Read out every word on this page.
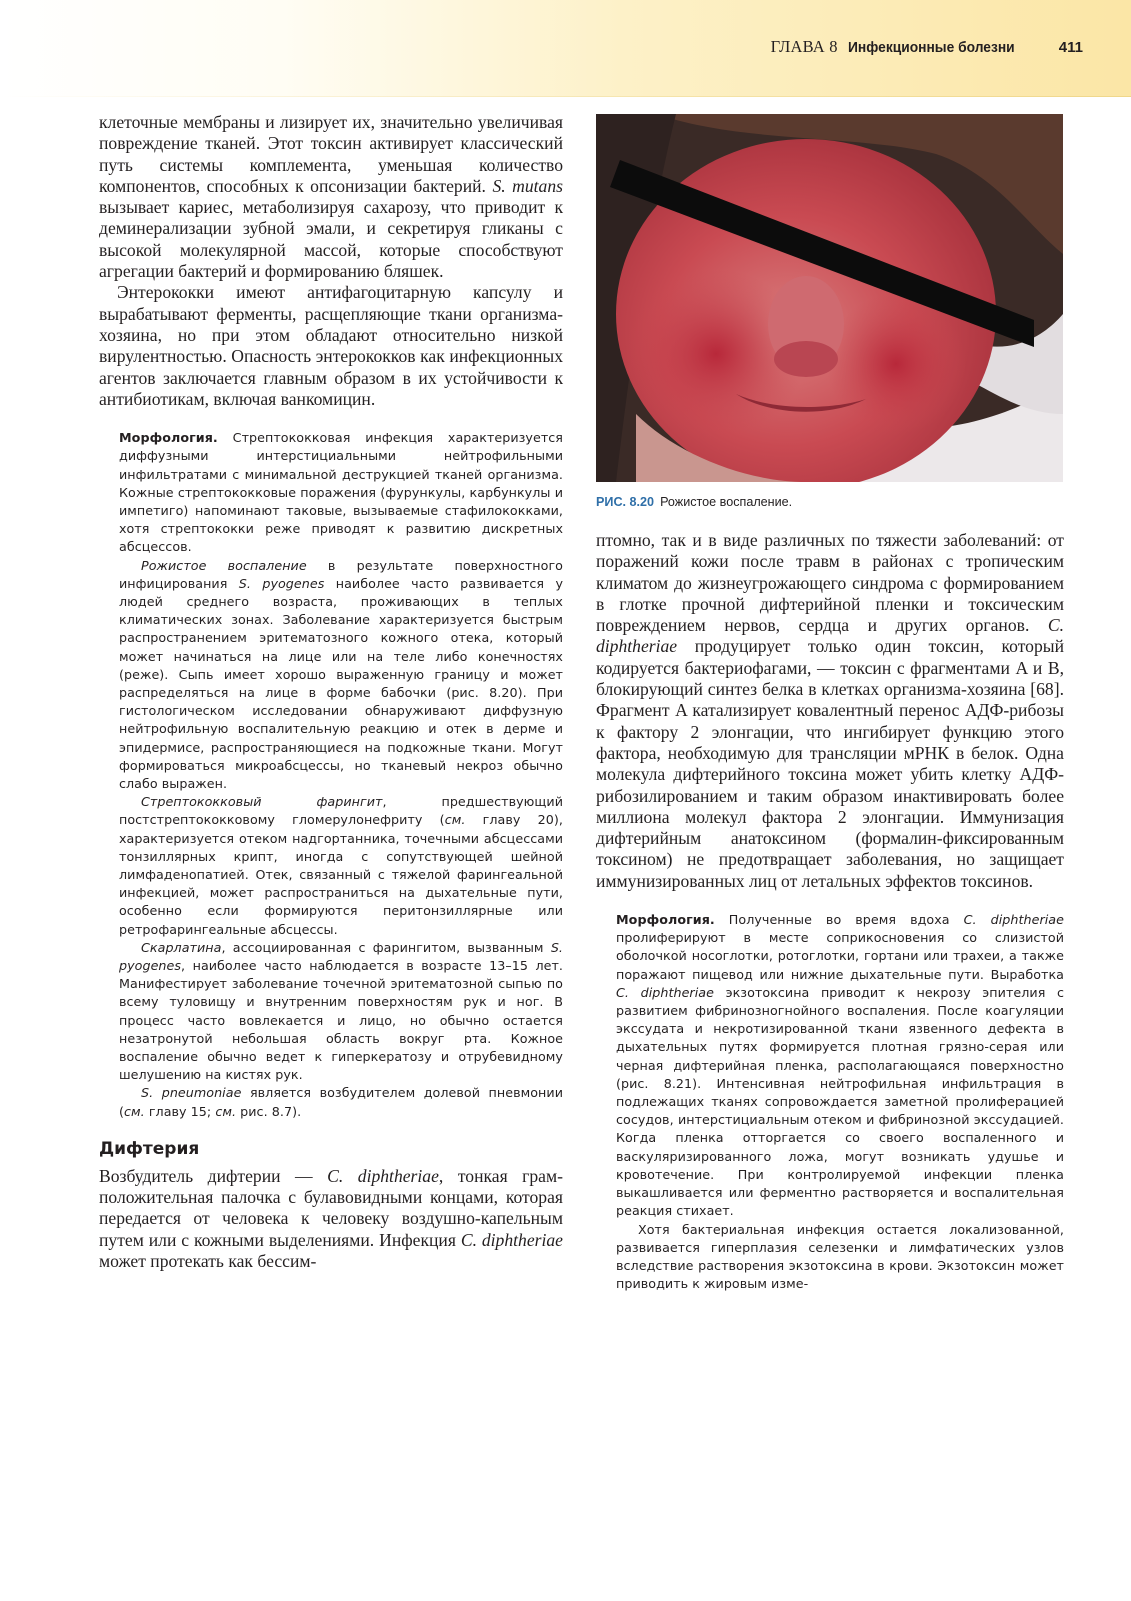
ГЛАВА 8 Инфекционные болезни	411

клеточные мембраны и лизирует их, значительно увеличивая повреждение тканей. Этот токсин активирует классический путь системы комплемента, уменьшая количество компонентов, способных к опсонизации бактерий. S. mutans вызывает кариес, метаболизируя сахарозу, что приводит к деминерализации зубной эмали, и секретируя гликаны с высокой молекулярной массой, которые способствуют агрегации бактерий и формированию бляшек.

Энтерококки имеют антифагоцитарную капсулу и вырабатывают ферменты, расщепляющие ткани организма-хозяина, но при этом обладают относительно низкой вирулентностью. Опасность энтерококков как инфекционных агентов заключается главным образом в их устойчивости к антибиотикам, включая ванкомицин.

Морфология. Стрептококковая инфекция характеризуется диффузными интерстициальными нейтрофильными инфильтратами с минимальной деструкцией тканей организма. Кожные стрептококковые поражения (фурункулы, карбункулы и импетиго) напоминают таковые, вызываемые стафилококками, хотя стрептококки реже приводят к развитию дискретных абсцессов.

Рожистое воспаление в результате поверхностного инфицирования S. pyogenes наиболее часто развивается у людей среднего возраста, проживающих в теплых климатических зонах. Заболевание характеризуется быстрым распространением эритематозного кожного отека, который может начинаться на лице или на теле либо конечностях (реже). Сыпь имеет хорошо выраженную границу и может распределяться на лице в форме бабочки (рис. 8.20). При гистологическом исследовании обнаруживают диффузную нейтрофильную воспалительную реакцию и отек в дерме и эпидермисе, распространяющиеся на подкожные ткани. Могут формироваться микроабсцессы, но тканевый некроз обычно слабо выражен.

Стрептококковый фарингит, предшествующий постстрептококковому гломерулонефриту (см. главу 20), характеризуется отеком надгортанника, точечными абсцессами тонзиллярных крипт, иногда с сопутствующей шейной лимфаденопатией. Отек, связанный с тяжелой фарингеальной инфекцией, может распространиться на дыхательные пути, особенно если формируются перитонзиллярные или ретрофарингеальные абсцессы.

Скарлатина, ассоциированная с фарингитом, вызванным S. pyogenes, наиболее часто наблюдается в возрасте 13–15 лет. Манифестирует заболевание точечной эритематозной сыпью по всему туловищу и внутренним поверхностям рук и ног. В процесс часто вовлекается и лицо, но обычно остается незатронутой небольшая область вокруг рта. Кожное воспаление обычно ведет к гиперкератозу и отрубевидному шелушению на кистях рук.

S. pneumoniae является возбудителем долевой пневмонии (см. главу 15; см. рис. 8.7).

Дифтерия

Возбудитель дифтерии — C. diphtheriae, тонкая грамположительная палочка с булавовидными концами, которая передается от человека к человеку воздушно-капельным путем или с кожными выделениями. Инфекция C. diphtheriae может протекать как бессим-

РИС. 8.20 Рожистое воспаление.

птомно, так и в виде различных по тяжести заболеваний: от поражений кожи после травм в районах с тропическим климатом до жизнеугрожающего синдрома с формированием в глотке прочной дифтерийной пленки и токсическим повреждением нервов, сердца и других органов. C. diphtheriae продуцирует только один токсин, который кодируется бактериофагами, — токсин с фрагментами A и B, блокирующий синтез белка в клетках организма-хозяина [68]. Фрагмент A катализирует ковалентный перенос АДФ-рибозы к фактору 2 элонгации, что ингибирует функцию этого фактора, необходимую для трансляции мРНК в белок. Одна молекула дифтерийного токсина может убить клетку АДФ-рибозилированием и таким образом инактивировать более миллиона молекул фактора 2 элонгации. Иммунизация дифтерийным анатоксином (формалин-фиксированным токсином) не предотвращает заболевания, но защищает иммунизированных лиц от летальных эффектов токсинов.

Морфология. Полученные во время вдоха C. diphtheriae пролиферируют в месте соприкосновения со слизистой оболочкой носоглотки, ротоглотки, гортани или трахеи, а также поражают пищевод или нижние дыхательные пути. Выработка C. diphtheriae экзотоксина приводит к некрозу эпителия с развитием фибринозногнойного воспаления. После коагуляции экссудата и некротизированной ткани язвенного дефекта в дыхательных путях формируется плотная грязно-серая или черная дифтерийная пленка, располагающаяся поверхностно (рис. 8.21). Интенсивная нейтрофильная инфильтрация в подлежащих тканях сопровождается заметной пролиферацией сосудов, интерстициальным отеком и фибринозной экссудацией. Когда пленка отторгается со своего воспаленного и васкуляризированного ложа, могут возникать удушье и кровотечение. При контролируемой инфекции пленка выкашливается или ферментно растворяется и воспалительная реакция стихает.

Хотя бактериальная инфекция остается локализованной, развивается гиперплазия селезенки и лимфатических узлов вследствие растворения экзотоксина в крови. Экзотоксин может приводить к жировым изме-
